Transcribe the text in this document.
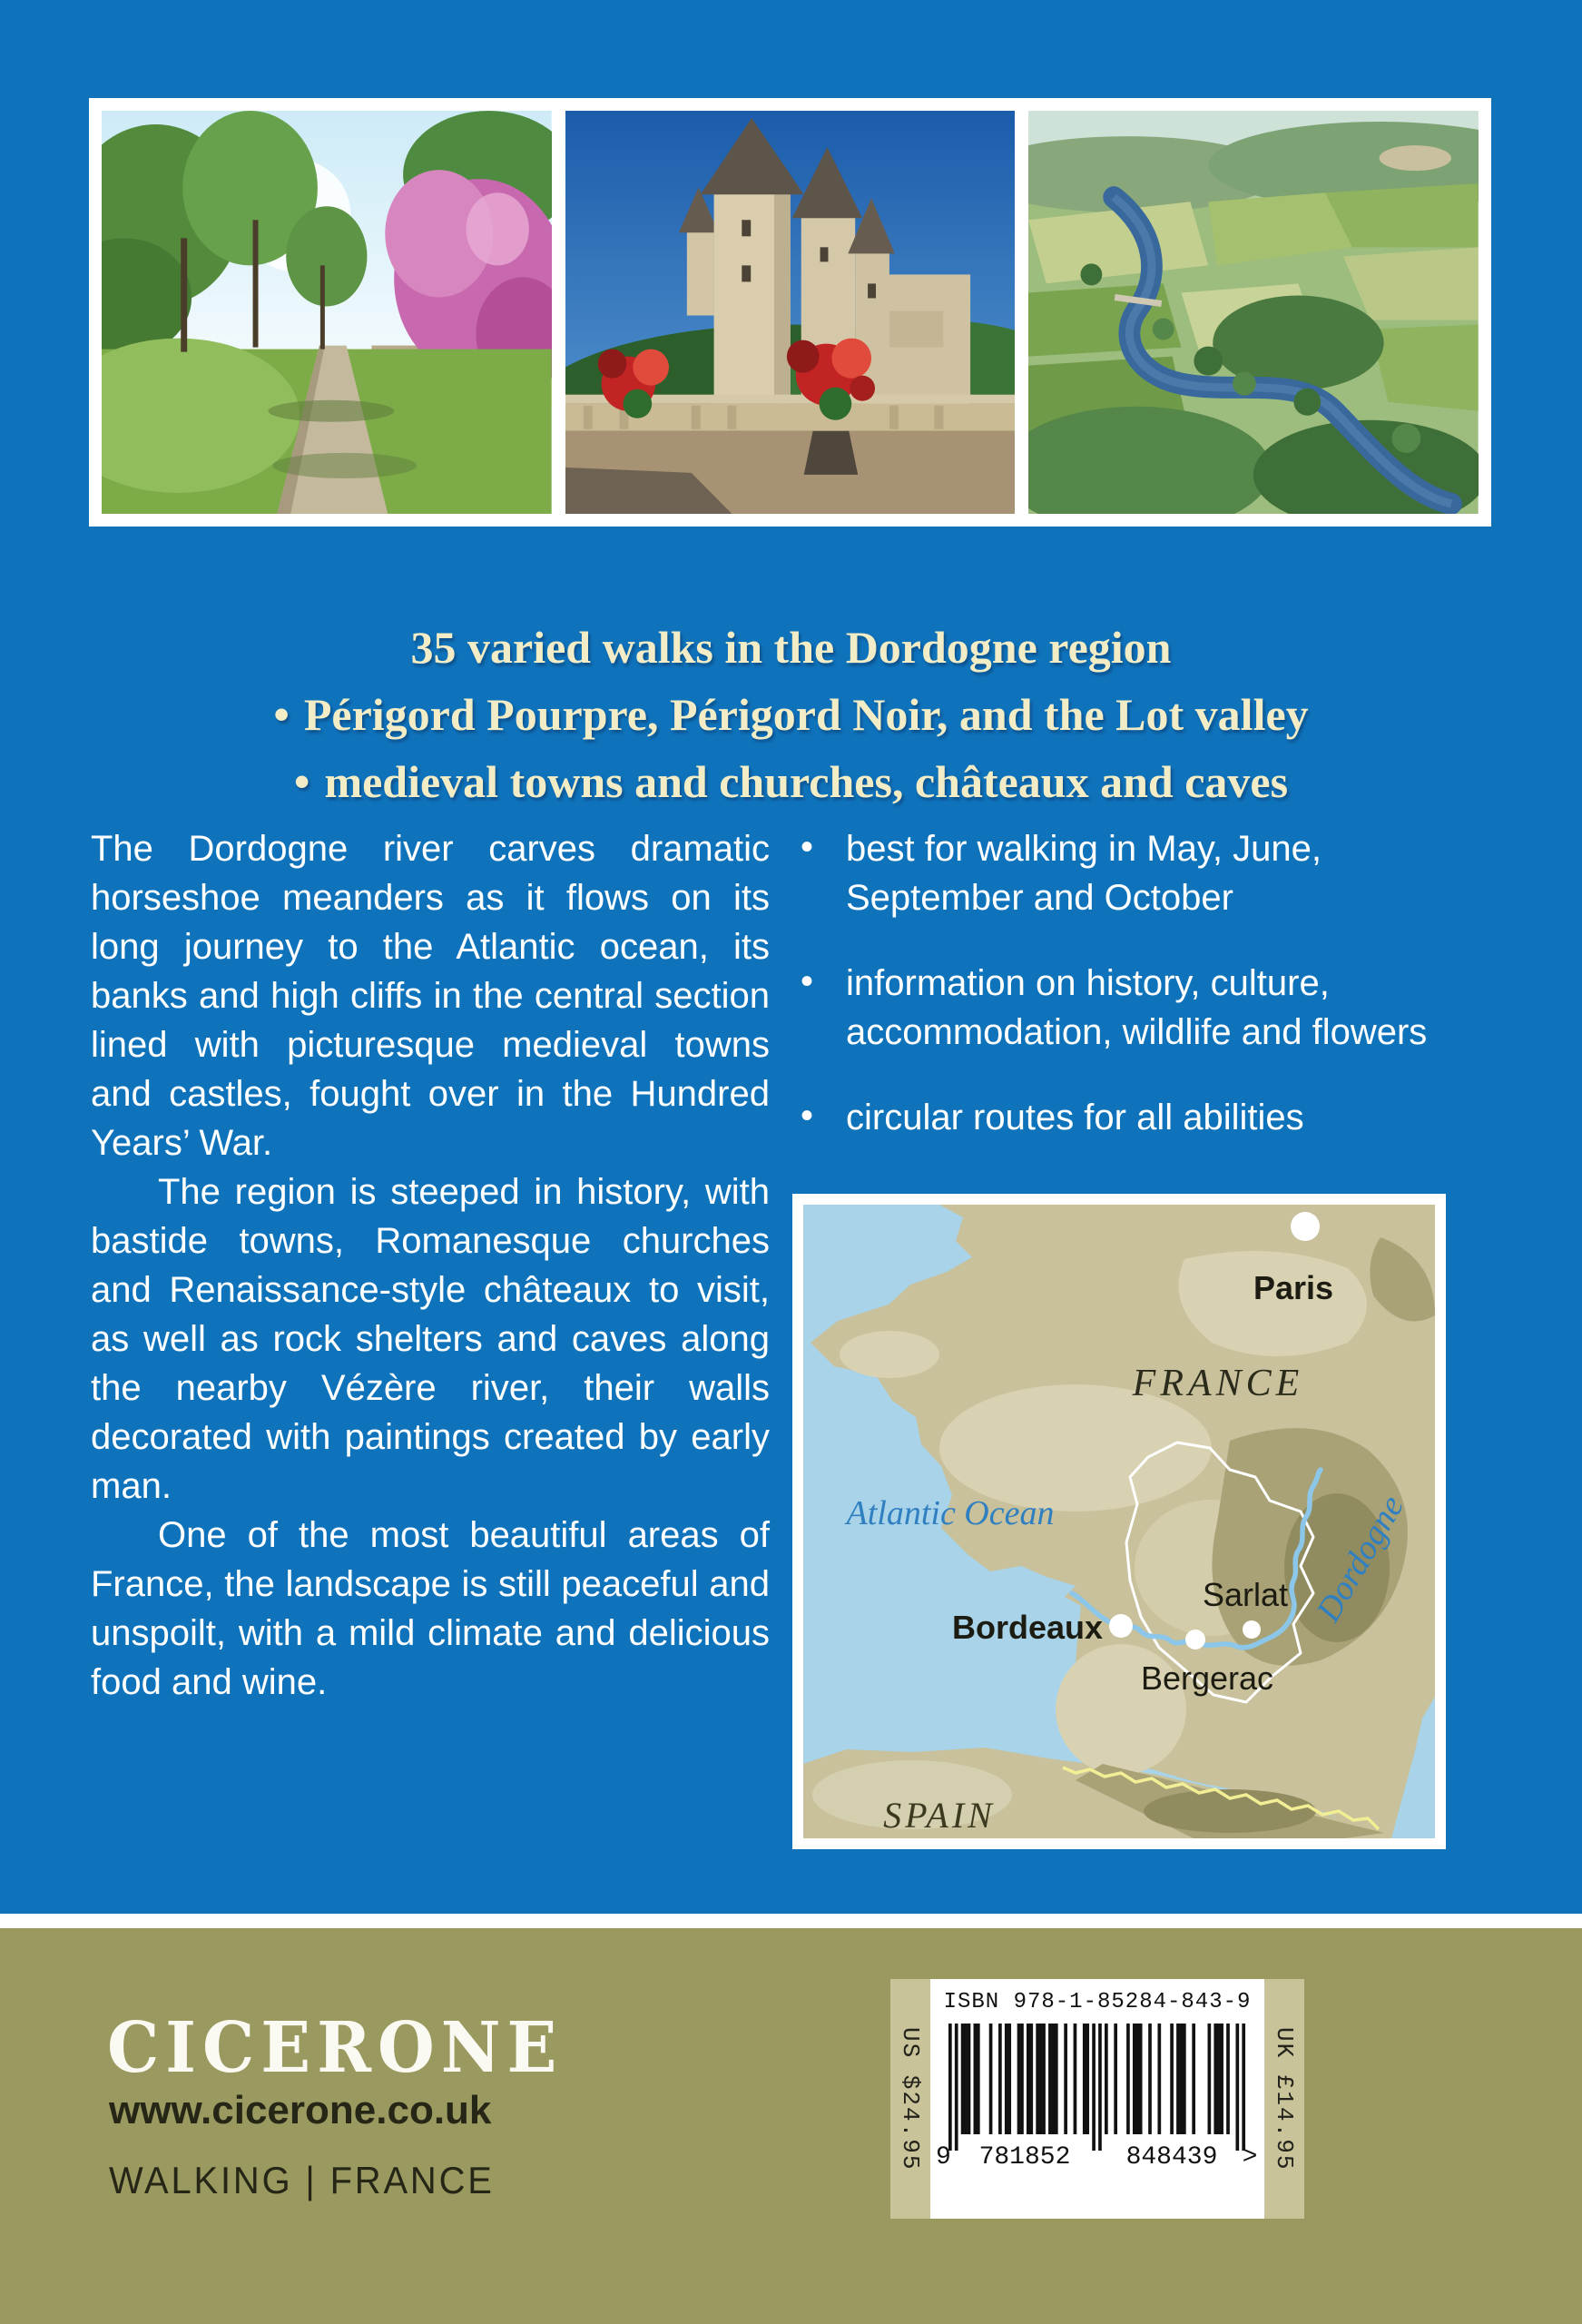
35 varied walks in the Dordogne region
• Périgord Pourpre, Périgord Noir, and the Lot valley
• medieval towns and churches, châteaux and caves

The Dordogne river carves dramatic horseshoe meanders as it flows on its long journey to the Atlantic ocean, its banks and high cliffs in the central section lined with picturesque medieval towns and castles, fought over in the Hundred Years’ War.

The region is steeped in history, with bastide towns, Romanesque churches and Renaissance-style châteaux to visit, as well as rock shelters and caves along the nearby Vézère river, their walls decorated with paintings created by early man.

One of the most beautiful areas of France, the landscape is still peaceful and unspoilt, with a mild climate and delicious food and wine.

• best for walking in May, June, September and October
• information on history, culture, accommodation, wildlife and flowers
• circular routes for all abilities
Paris
FRANCE
Atlantic Ocean
Bordeaux
Bergerac
Sarlat Dordogne
SPAIN
CICERONE
www.cicerone.co.uk
WALKING | FRANCE
US $24.95
ISBN 978-1-85284-843-9
9 781852 848439 > UK £14.95
